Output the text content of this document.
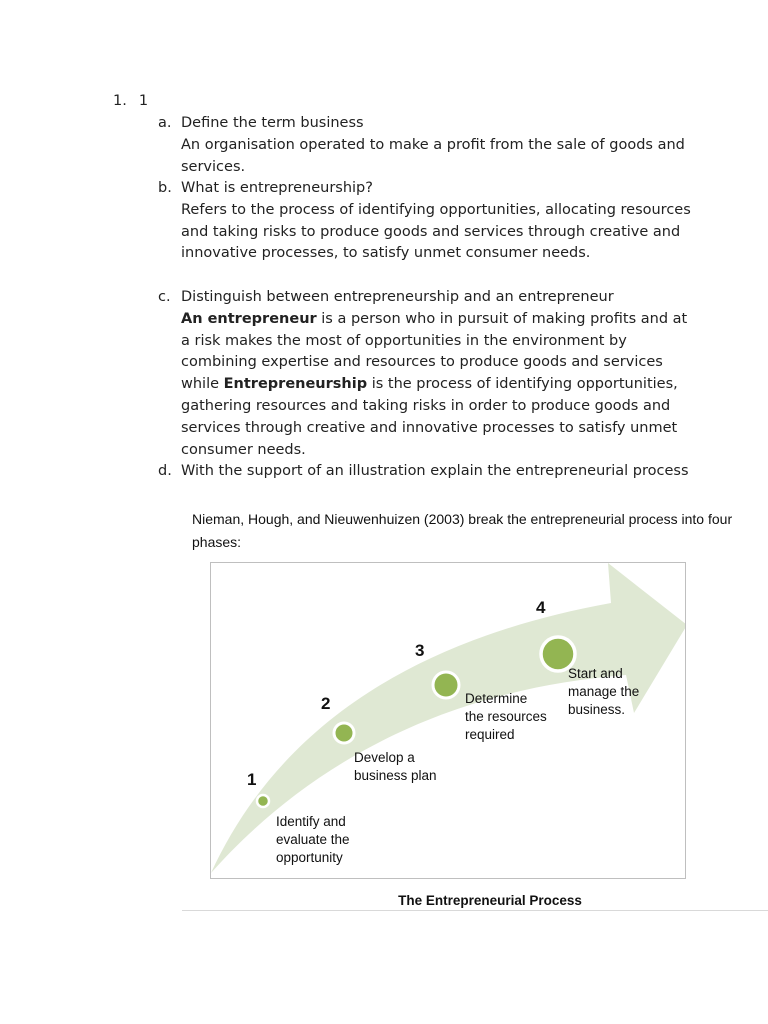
1. 1
a. Define the term business

An organisation operated to make a profit from the sale of goods and services.

b. What is entrepreneurship?

Refers to the process of identifying opportunities, allocating resources and taking risks to produce goods and services through creative and innovative processes, to satisfy unmet consumer needs.

c. Distinguish between entrepreneurship and an entrepreneur

An entrepreneur is a person who in pursuit of making profits and at a risk makes the most of opportunities in the environment by combining expertise and resources to produce goods and services while Entrepreneurship is the process of identifying opportunities, gathering resources and taking risks in order to produce goods and services through creative and innovative processes to satisfy unmet consumer needs.

d. With the support of an illustration explain the entrepreneurial process

Nieman, Hough, and Nieuwenhuizen (2003) break the entrepreneurial process into four phases:
1
2
3
4
Identify and
evaluate the
opportunity
Develop a
business plan
Determine
the resources
required
Start and
manage the
business.
The Entrepreneurial Process
